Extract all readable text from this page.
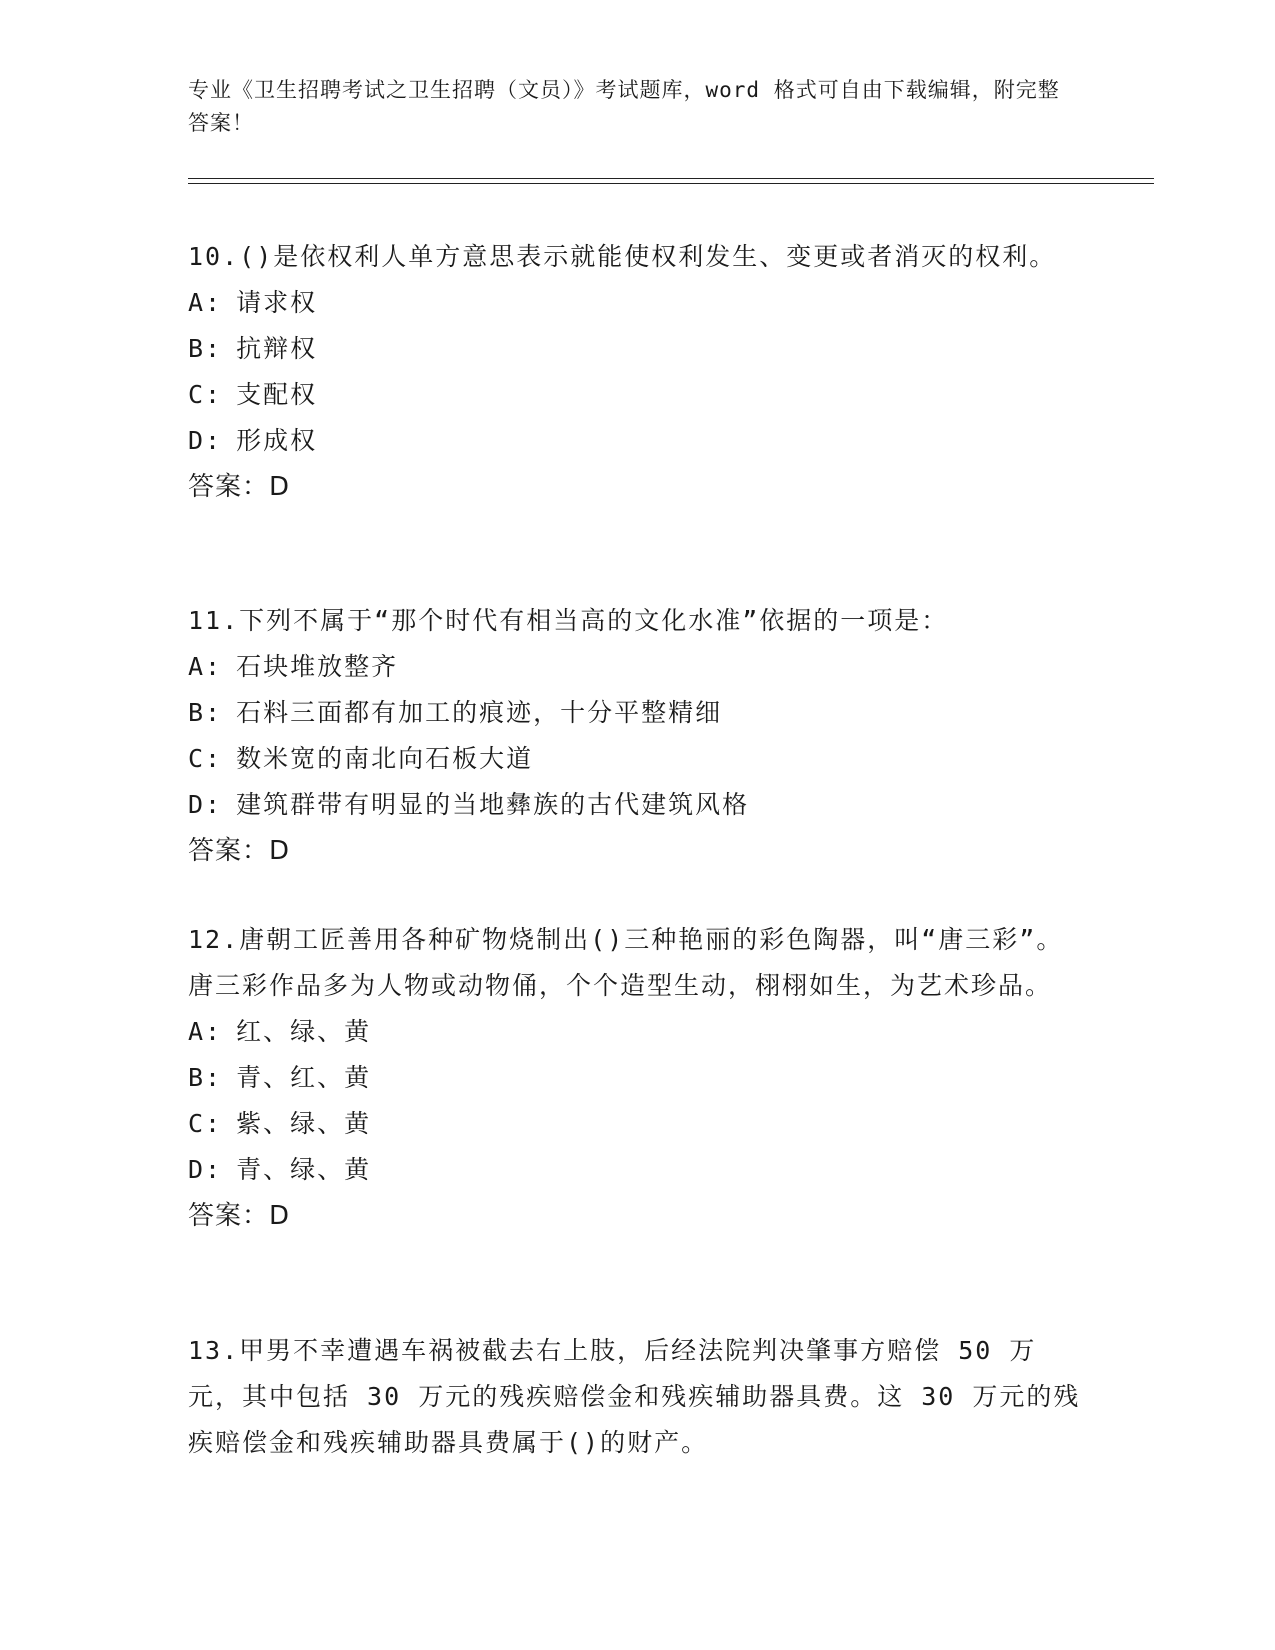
专业《卫生招聘考试之卫生招聘（文员）》考试题库，word 格式可自由下载编辑，附完整答案！
10.()是依权利人单方意思表示就能使权利发生、变更或者消灭的权利。
A: 请求权
B: 抗辩权
C: 支配权
D: 形成权
答案：D
11.下列不属于“那个时代有相当高的文化水准”依据的一项是：
A: 石块堆放整齐
B: 石料三面都有加工的痕迹，十分平整精细
C: 数米宽的南北向石板大道
D: 建筑群带有明显的当地彝族的古代建筑风格
答案：D
12.唐朝工匠善用各种矿物烧制出()三种艳丽的彩色陶器，叫“唐三彩”。唐三彩作品多为人物或动物俑，个个造型生动，栩栩如生，为艺术珍品。
A: 红、绿、黄
B: 青、红、黄
C: 紫、绿、黄
D: 青、绿、黄
答案：D
13.甲男不幸遭遇车祸被截去右上肢，后经法院判决肇事方赔偿 50 万元，其中包括 30 万元的残疾赔偿金和残疾辅助器具费。这 30 万元的残疾赔偿金和残疾辅助器具费属于()的财产。
